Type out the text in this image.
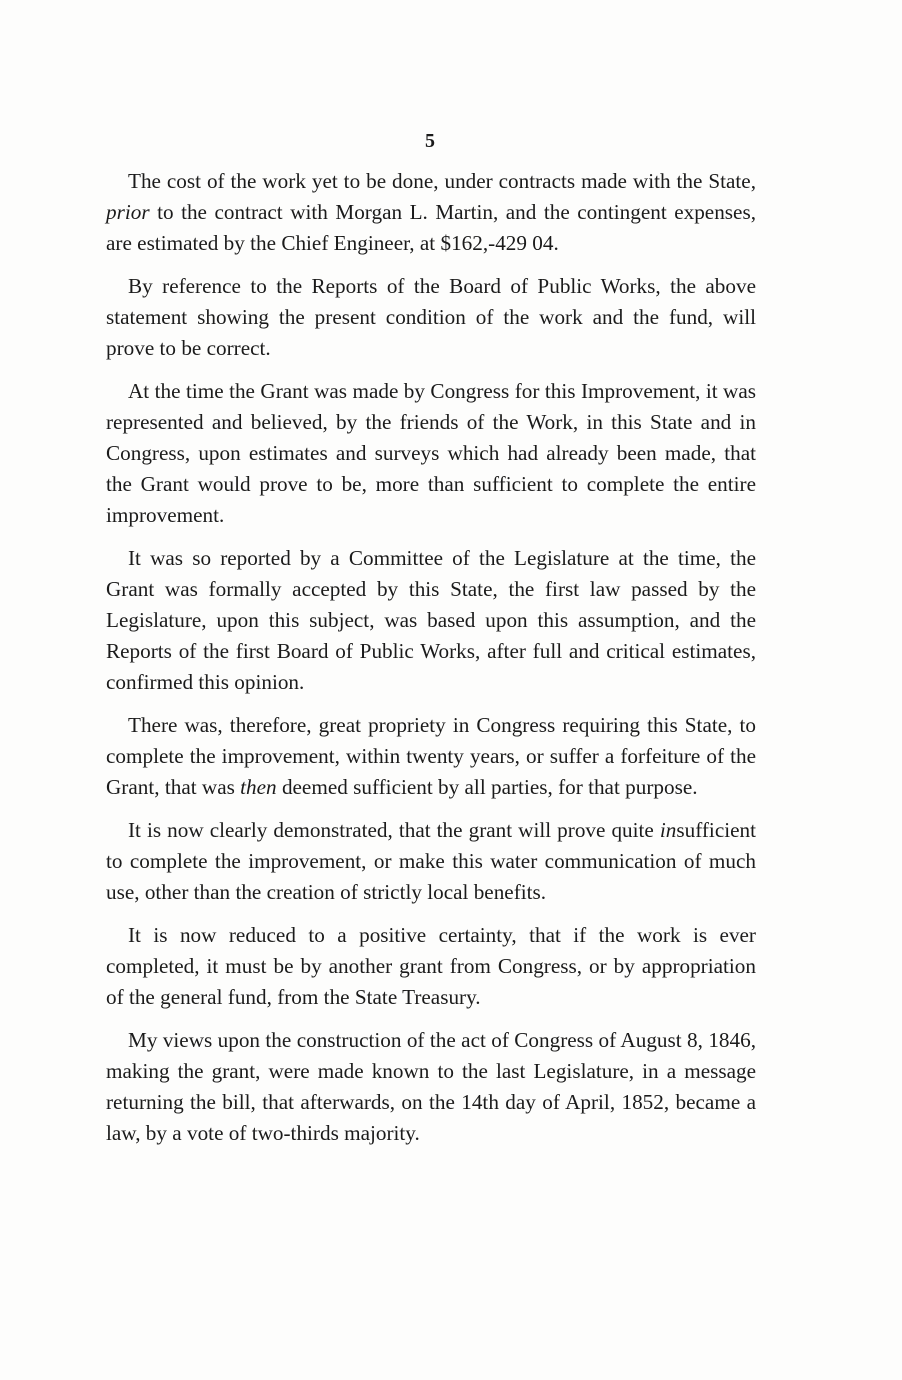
5

The cost of the work yet to be done, under contracts made with the State, prior to the contract with Morgan L. Martin, and the contingent expenses, are estimated by the Chief Engineer, at $162,-429 04.

By reference to the Reports of the Board of Public Works, the above statement showing the present condition of the work and the fund, will prove to be correct.

At the time the Grant was made by Congress for this Improvement, it was represented and believed, by the friends of the Work, in this State and in Congress, upon estimates and surveys which had already been made, that the Grant would prove to be, more than sufficient to complete the entire improvement.

It was so reported by a Committee of the Legislature at the time, the Grant was formally accepted by this State, the first law passed by the Legislature, upon this subject, was based upon this assumption, and the Reports of the first Board of Public Works, after full and critical estimates, confirmed this opinion.

There was, therefore, great propriety in Congress requiring this State, to complete the improvement, within twenty years, or suffer a forfeiture of the Grant, that was then deemed sufficient by all parties, for that purpose.

It is now clearly demonstrated, that the grant will prove quite insufficient to complete the improvement, or make this water communication of much use, other than the creation of strictly local benefits.

It is now reduced to a positive certainty, that if the work is ever completed, it must be by another grant from Congress, or by appropriation of the general fund, from the State Treasury.

My views upon the construction of the act of Congress of August 8, 1846, making the grant, were made known to the last Legislature, in a message returning the bill, that afterwards, on the 14th day of April, 1852, became a law, by a vote of two-thirds majority.
